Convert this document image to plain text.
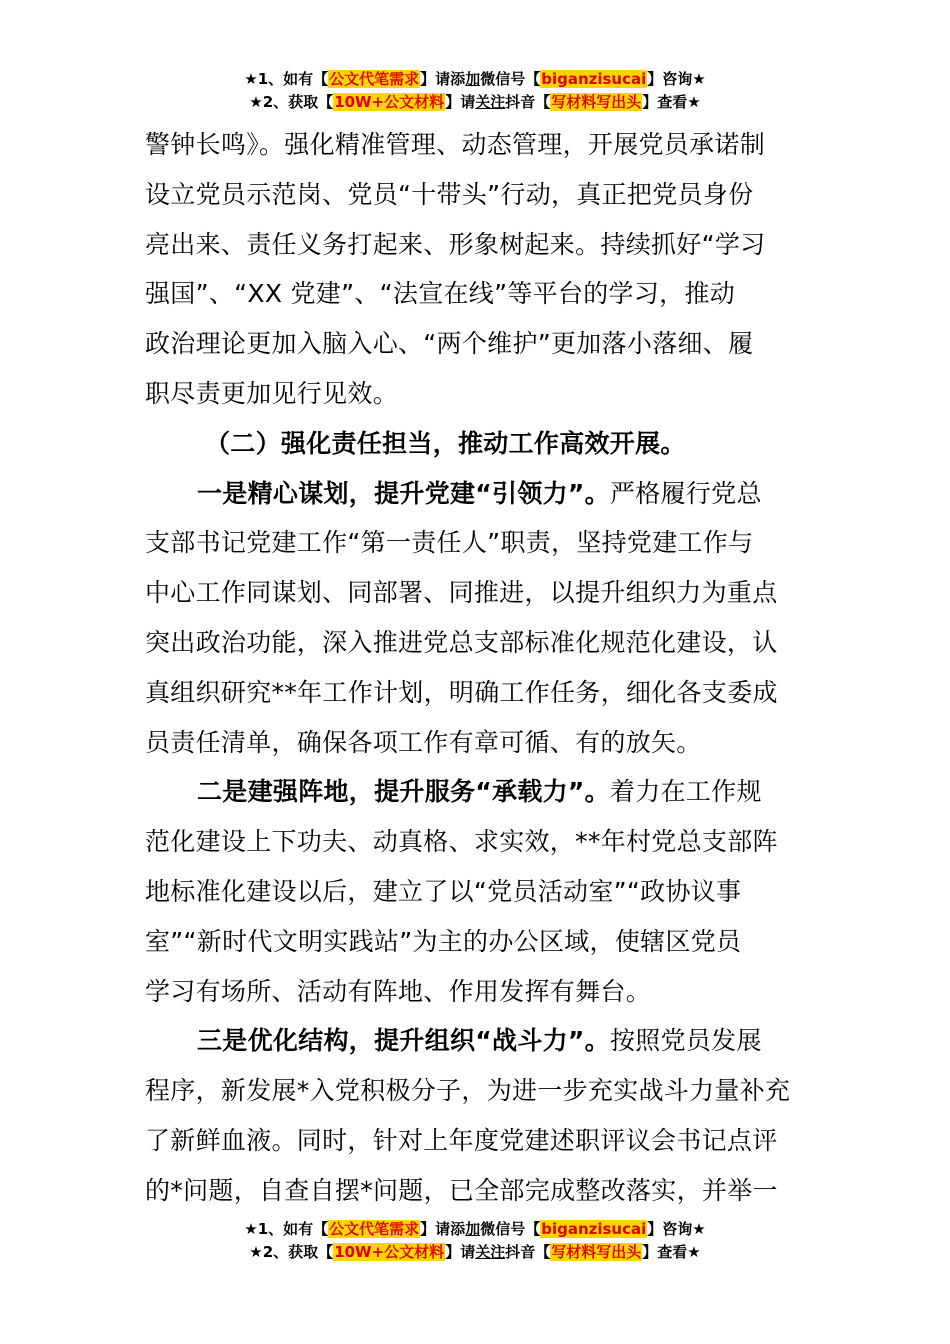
★1、如有【公文代笔需求】请添加微信号【biganzisucai】咨询★
★2、获取【10W+公文材料】请关注抖音【写材料写出头】查看★
警钟长鸣》。强化精准管理、动态管理，开展党员承诺制
设立党员示范岗、党员“十带头”行动，真正把党员身份
亮出来、责任义务打起来、形象树起来。持续抓好“学习
强国”、“XX 党建”、“法宣在线”等平台的学习，推动
政治理论更加入脑入心、“两个维护”更加落小落细、履
职尽责更加见行见效。
（二）强化责任担当，推动工作高效开展。
一是精心谋划，提升党建“引领力”。严格履行党总
支部书记党建工作“第一责任人”职责，坚持党建工作与
中心工作同谋划、同部署、同推进，以提升组织力为重点
突出政治功能，深入推进党总支部标准化规范化建设，认
真组织研究**年工作计划，明确工作任务，细化各支委成
员责任清单，确保各项工作有章可循、有的放矢。
二是建强阵地，提升服务“承载力”。着力在工作规
范化建设上下功夫、动真格、求实效，**年村党总支部阵
地标准化建设以后，建立了以“党员活动室”“政协议事
室”“新时代文明实践站”为主的办公区域，使辖区党员
学习有场所、活动有阵地、作用发挥有舞台。
三是优化结构，提升组织“战斗力”。按照党员发展
程序，新发展*入党积极分子，为进一步充实战斗力量补充
了新鲜血液。同时，针对上年度党建述职评议会书记点评
的*问题，自查自摆*问题，已全部完成整改落实，并举一
★1、如有【公文代笔需求】请添加微信号【biganzisucai】咨询★
★2、获取【10W+公文材料】请关注抖音【写材料写出头】查看★
